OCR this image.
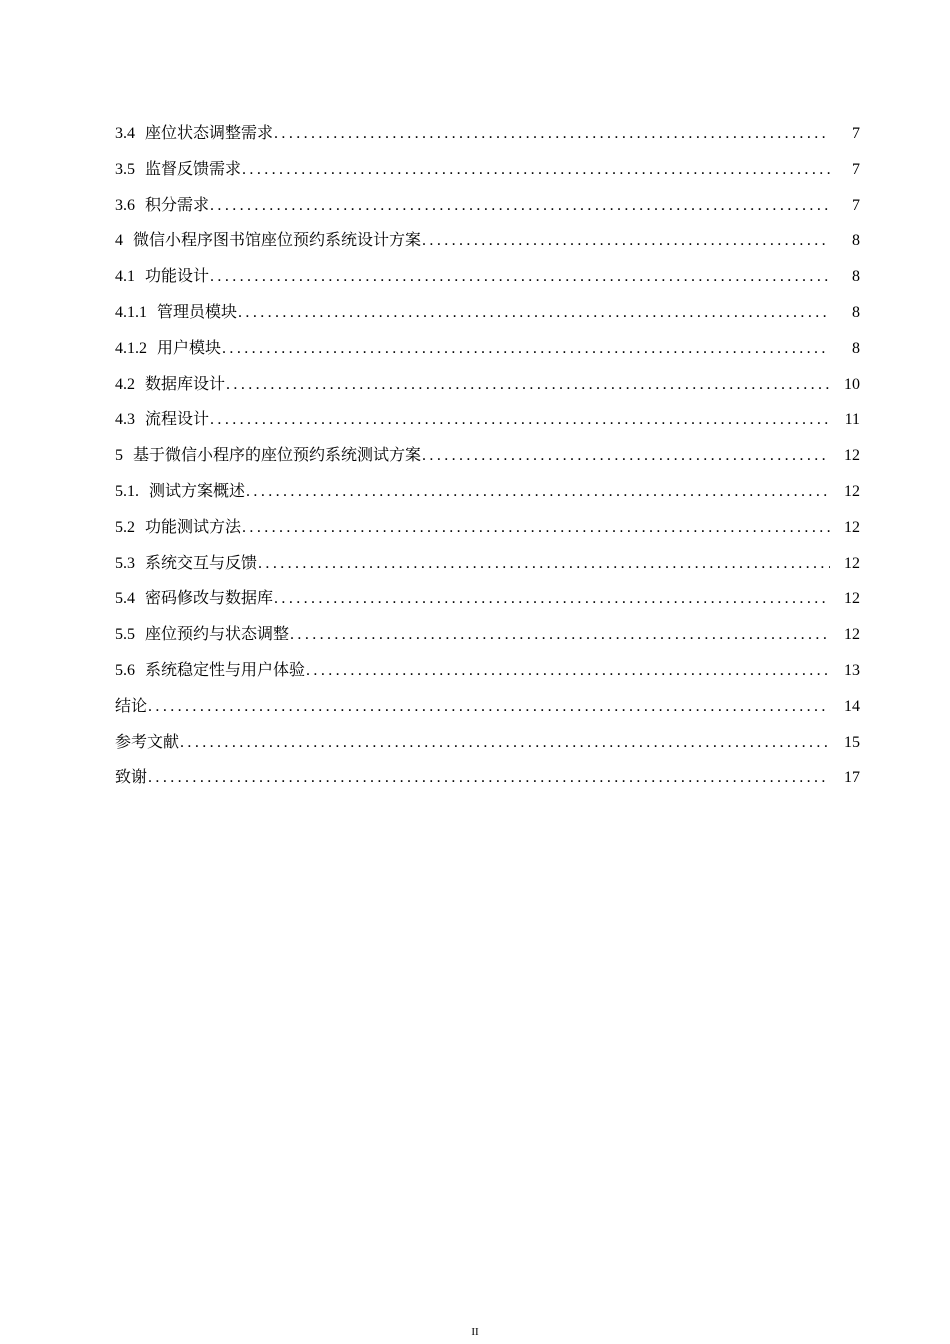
3.4 座位状态调整需求 .....	7
3.5 监督反馈需求 .....	7
3.6 积分需求 .....	7
4 微信小程序图书馆座位预约系统设计方案 .....	8
4.1 功能设计 .....	8
4.1.1 管理员模块 .....	8
4.1.2 用户模块 .....	8
4.2 数据库设计 .....	10
4.3 流程设计 .....	11
5 基于微信小程序的座位预约系统测试方案 .....	12
5.1. 测试方案概述 .....	12
5.2 功能测试方法 .....	12
5.3 系统交互与反馈 .....	12
5.4 密码修改与数据库 .....	12
5.5 座位预约与状态调整 .....	12
5.6 系统稳定性与用户体验 .....	13
结论 .....	14
参考文献 .....	15
致谢 .....	17
II
